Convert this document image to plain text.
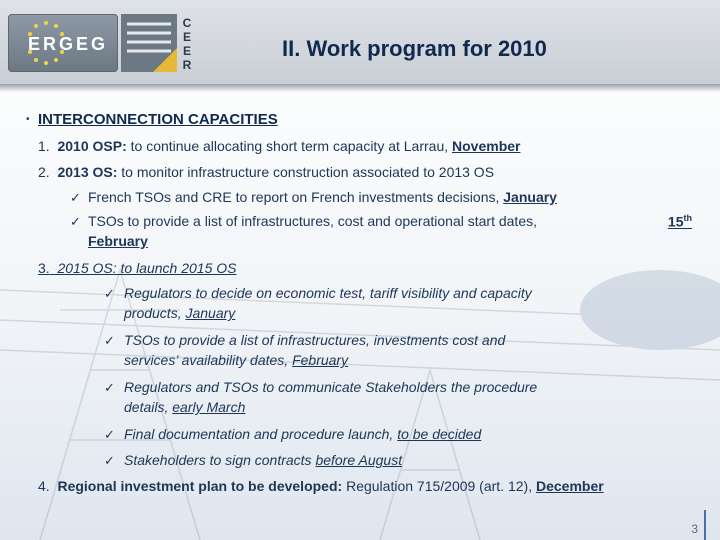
ERGEG
C
E
E
R
II. Work program for 2010
• INTERCONNECTION CAPACITIES
1. 2010 OSP: to continue allocating short term capacity at Larrau, November
2. 2013 OS: to monitor infrastructure construction associated to 2013 OS
✓ French TSOs and CRE to report on French investments decisions, January
✓ TSOs to provide a list of infrastructures, cost and operational start dates,	15th
February
3. 2015 OS: to launch 2015 OS
✓ Regulators to decide on economic test, tariff visibility and capacity
products, January
✓ TSOs to provide a list of infrastructures, investments cost and
services’ availability dates, February
✓ Regulators and TSOs to communicate Stakeholders the procedure
details, early March
✓ Final documentation and procedure launch, to be decided
✓ Stakeholders to sign contracts before August
4. Regional investment plan to be developed: Regulation 715/2009 (art. 12), December
3
